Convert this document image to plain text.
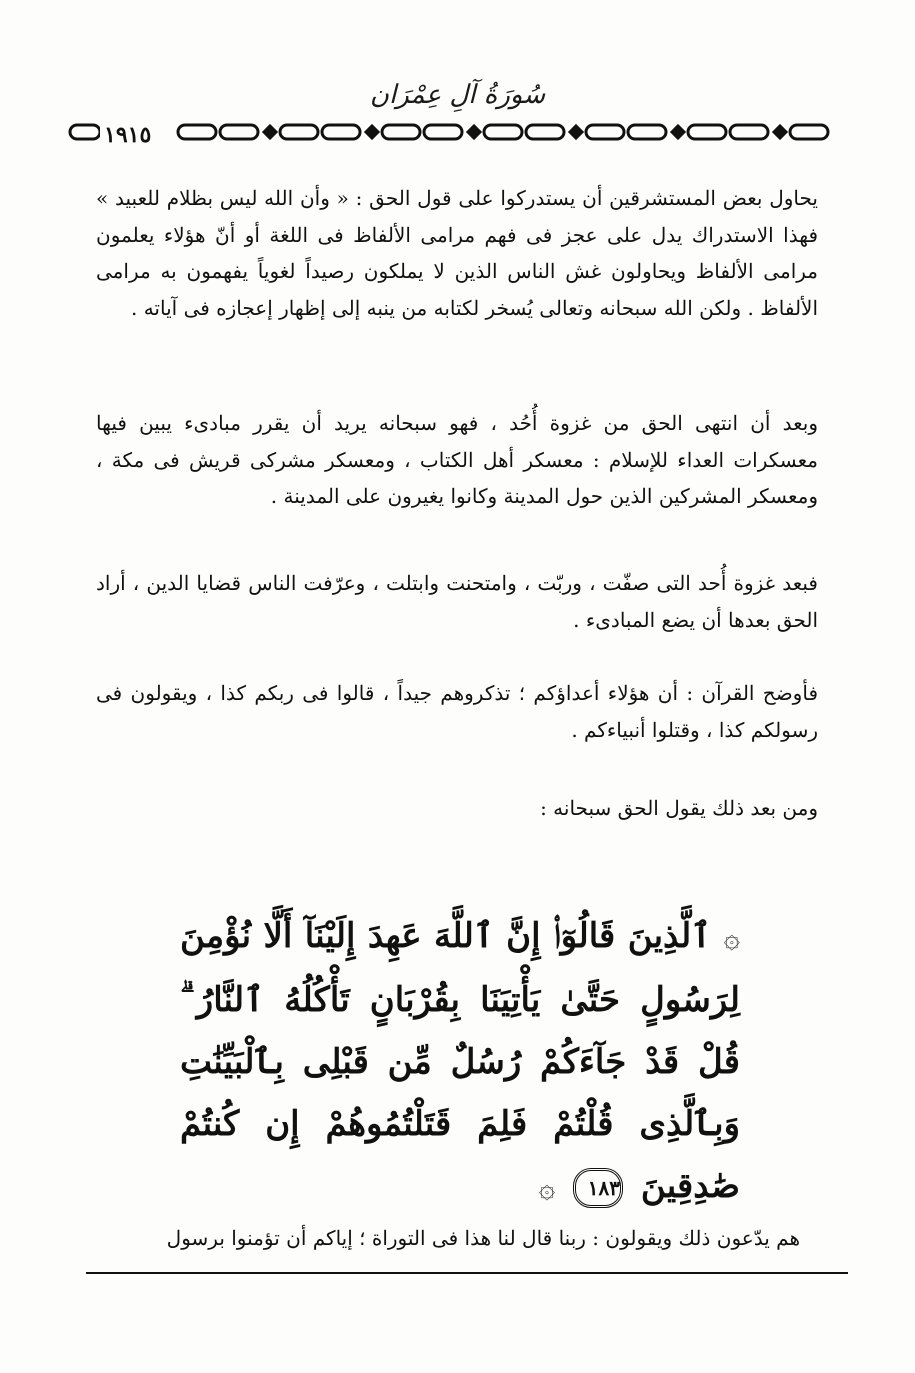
سُورَةُ آلِ عِمْرَان
١٩١٥

يحاول بعض المستشرقين أن يستدركوا على قول الحق : « وأن الله ليس بظلام للعبيد » فهذا الاستدراك يدل على عجز فى فهم مرامى الألفاظ فى اللغة أو أنّ هؤلاء يعلمون مرامى الألفاظ ويحاولون غش الناس الذين لا يملكون رصيداً لغوياً يفهمون به مرامى الألفاظ . ولكن الله سبحانه وتعالى يُسخر لكتابه من ينبه إلى إظهار إعجازه فى آياته .

وبعد أن انتهى الحق من غزوة أُحُد ، فهو سبحانه يريد أن يقرر مبادىء يبين فيها معسكرات العداء للإسلام : معسكر أهل الكتاب ، ومعسكر مشركى قريش فى مكة ، ومعسكر المشركين الذين حول المدينة وكانوا يغيرون على المدينة .

فبعد غزوة أُحد التى صفّت ، وربّت ، وامتحنت وابتلت ، وعرّفت الناس قضايا الدين ، أراد الحق بعدها أن يضع المبادىء .

فأوضح القرآن : أن هؤلاء أعداؤكم ؛ تذكروهم جيداً ، قالوا فى ربكم كذا ، ويقولون فى رسولكم كذا ، وقتلوا أنبياءكم .

ومن بعد ذلك يقول الحق سبحانه :

۞ ٱلَّذِينَ قَالُوٓا۟ إِنَّ ٱللَّهَ عَهِدَ إِلَيْنَآ أَلَّا نُؤْمِنَ لِرَسُولٍ حَتَّىٰ يَأْتِيَنَا بِقُرْبَانٍ تَأْكُلُهُ ٱلنَّارُ ۗ قُلْ قَدْ جَآءَكُمْ رُسُلٌ مِّن قَبْلِى بِٱلْبَيِّنَٰتِ وَبِٱلَّذِى قُلْتُمْ فَلِمَ قَتَلْتُمُوهُمْ إِن كُنتُمْ صَٰدِقِينَ ١٨٣ ۞

هم يدّعون ذلك ويقولون : ربنا قال لنا هذا فى التوراة ؛ إياكم أن تؤمنوا برسول
